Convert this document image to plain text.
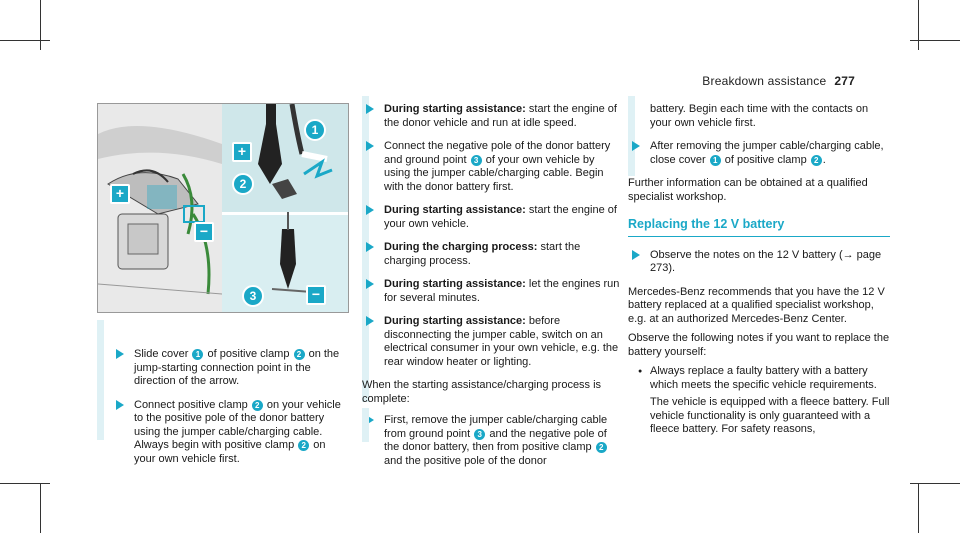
Breakdown assistance 277
+
−
+
1
2
3	−
Slide cover 1 of positive clamp 2 on the jump-starting connection point in the direction of the arrow.
Connect positive clamp 2 on your vehicle to the positive pole of the donor battery using the jumper cable/charging cable. Always begin with positive clamp 2 on your own vehicle first.
During starting assistance: start the engine of the donor vehicle and run at idle speed.
Connect the negative pole of the donor battery and ground point 3 of your own vehicle by using the jumper cable/charging cable. Begin with the donor battery first.
During starting assistance: start the engine of your own vehicle.
During the charging process: start the charging process.
During starting assistance: let the engines run for several minutes.
During starting assistance: before disconnecting the jumper cable, switch on an electrical consumer in your own vehicle, e.g. the rear window heater or lighting.

When the starting assistance/charging process is complete:

First, remove the jumper cable/charging cable from ground point 3 and the negative pole of the donor battery, then from positive clamp 2 and the positive pole of the donor
battery. Begin each time with the contacts on your own vehicle first.
After removing the jumper cable/charging cable, close cover 1 of positive clamp 2 .

Further information can be obtained at a qualified specialist workshop.

Replacing the 12 V battery
Observe the notes on the 12 V battery (→ page 273).

Mercedes-Benz recommends that you have the 12 V battery replaced at a qualified specialist workshop, e.g. at an authorized Mercedes-Benz Center.

Observe the following notes if you want to replace the battery yourself:

● Always replace a faulty battery with a battery which meets the specific vehicle requirements.
The vehicle is equipped with a fleece battery. Full vehicle functionality is only guaranteed with a fleece battery. For safety reasons,
